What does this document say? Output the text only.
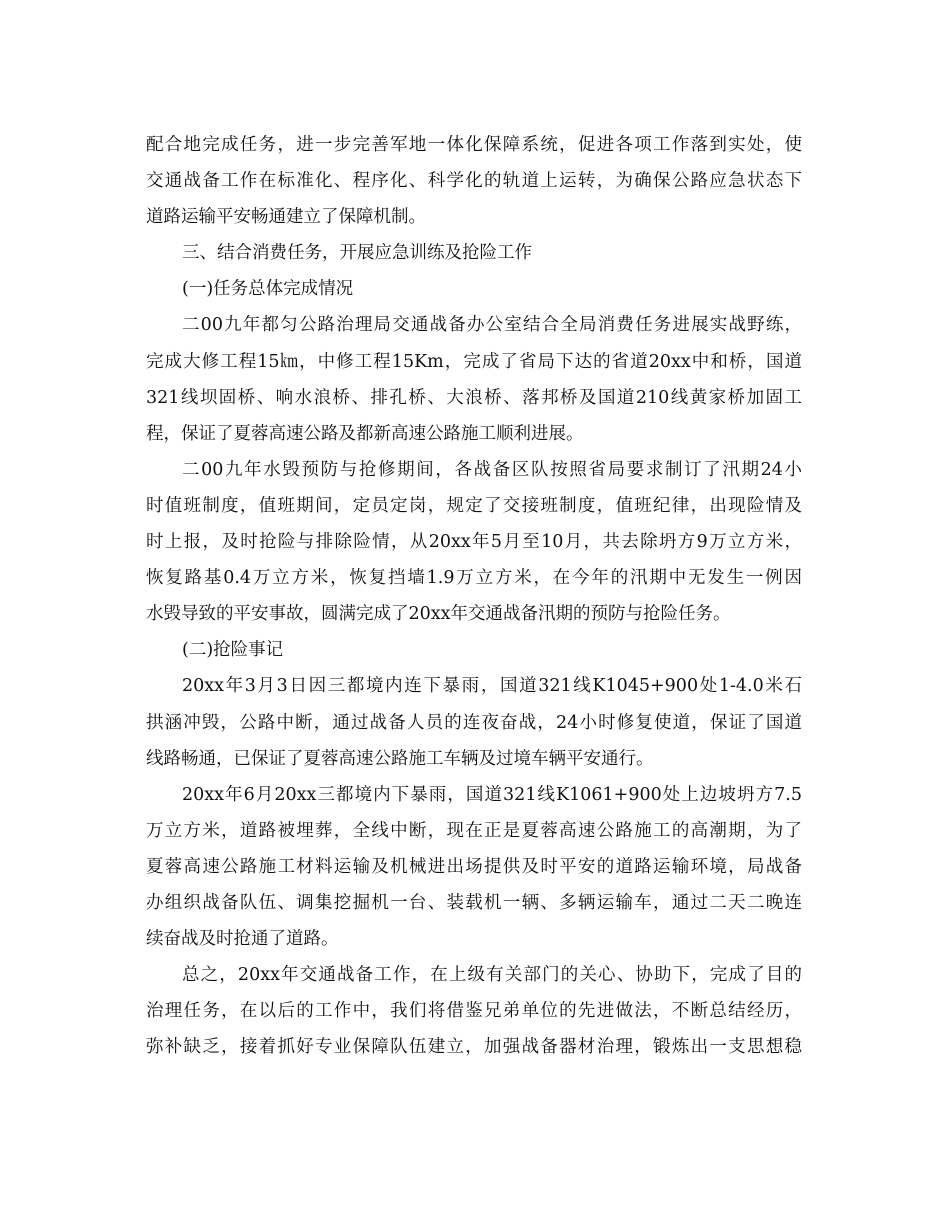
配合地完成任务，进一步完善军地一体化保障系统，促进各项工作落到实处，使
交通战备工作在标准化、程序化、科学化的轨道上运转，为确保公路应急状态下
道路运输平安畅通建立了保障机制。
三、结合消费任务，开展应急训练及抢险工作
(一)任务总体完成情况
二00九年都匀公路治理局交通战备办公室结合全局消费任务进展实战野练，
完成大修工程15㎞，中修工程15Km，完成了省局下达的省道20xx中和桥，国道
321线坝固桥、响水浪桥、排孔桥、大浪桥、落邦桥及国道210线黄家桥加固工
程，保证了夏蓉高速公路及都新高速公路施工顺利进展。
二00九年水毁预防与抢修期间，各战备区队按照省局要求制订了汛期24小
时值班制度，值班期间，定员定岗，规定了交接班制度，值班纪律，出现险情及
时上报，及时抢险与排除险情，从20xx年5月至10月，共去除坍方9万立方米，
恢复路基0.4万立方米，恢复挡墙1.9万立方米，在今年的汛期中无发生一例因
水毁导致的平安事故，圆满完成了20xx年交通战备汛期的预防与抢险任务。
(二)抢险事记
20xx年3月3日因三都境内连下暴雨，国道321线K1045+900处1-4.0米石
拱涵冲毁，公路中断，通过战备人员的连夜奋战，24小时修复使道，保证了国道
线路畅通，已保证了夏蓉高速公路施工车辆及过境车辆平安通行。
20xx年6月20xx三都境内下暴雨，国道321线K1061+900处上边坡坍方7.5
万立方米，道路被埋葬，全线中断，现在正是夏蓉高速公路施工的高潮期，为了
夏蓉高速公路施工材料运输及机械进出场提供及时平安的道路运输环境，局战备
办组织战备队伍、调集挖掘机一台、装载机一辆、多辆运输车，通过二天二晚连
续奋战及时抢通了道路。
总之，20xx年交通战备工作，在上级有关部门的关心、协助下，完成了目的
治理任务，在以后的工作中，我们将借鉴兄弟单位的先进做法，不断总结经历，
弥补缺乏，接着抓好专业保障队伍建立，加强战备器材治理，锻炼出一支思想稳
